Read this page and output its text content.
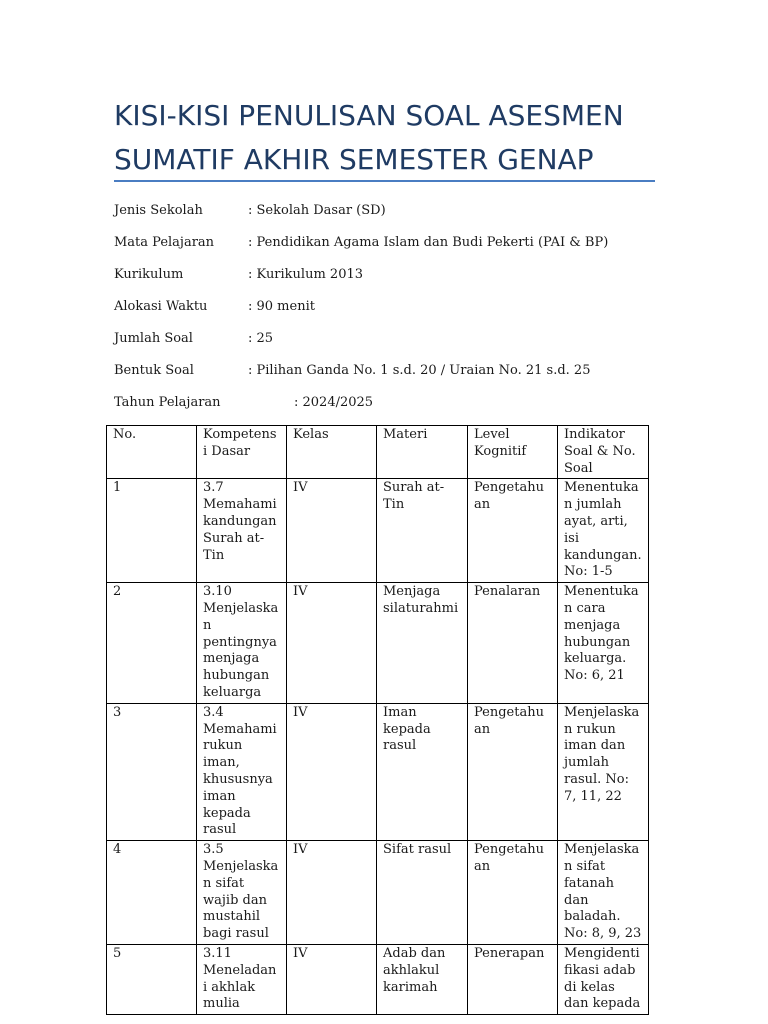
KISI-KISI PENULISAN SOAL ASESMEN
SUMATIF AKHIR SEMESTER GENAP
Jenis Sekolah	: Sekolah Dasar (SD)
Mata Pelajaran	: Pendidikan Agama Islam dan Budi Pekerti (PAI & BP)
Kurikulum	: Kurikulum 2013
Alokasi Waktu	: 90 menit
Jumlah Soal	: 25
Bentuk Soal	: Pilihan Ganda No. 1 s.d. 20 / Uraian No. 21 s.d. 25
Tahun Pelajaran	: 2024/2025
No.	Kompetensi Dasar	Kelas	Materi	Level Kognitif	Indikator Soal & No. Soal
1	3.7 Memahami kandungan Surah at-Tin	IV	Surah at-Tin	Pengetahuan	Menentukan jumlah ayat, arti, isi kandungan. No: 1-5
2	3.10 Menjelaskan pentingnya menjaga hubungan keluarga	IV	Menjaga silaturahmi	Penalaran	Menentukan cara menjaga hubungan keluarga. No: 6, 21
3	3.4 Memahami rukun iman, khususnya iman kepada rasul	IV	Iman kepada rasul	Pengetahuan	Menjelaskan rukun iman dan jumlah rasul. No: 7, 11, 22
4	3.5 Menjelaskan sifat wajib dan mustahil bagi rasul	IV	Sifat rasul	Pengetahuan	Menjelaskan sifat fatanah dan baladah. No: 8, 9, 23
5	3.11 Meneladani akhlak mulia	IV	Adab dan akhlakul karimah	Penerapan	Mengidentifikasi adab di kelas dan kepada
